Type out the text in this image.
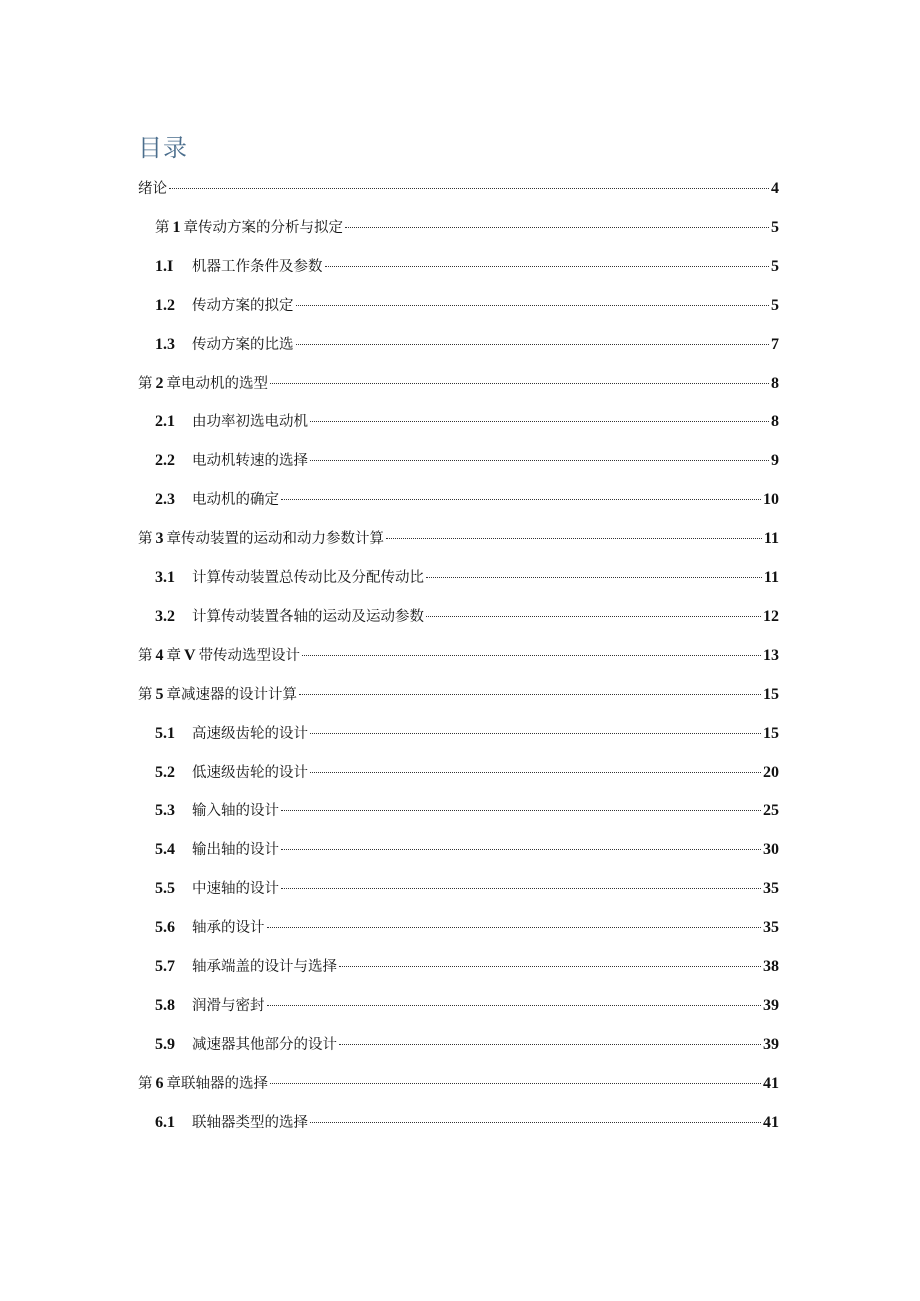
目录
绪论	4
第 1 章传动方案的分析与拟定	5
1.I	机器工作条件及参数	5
1.2	传动方案的拟定	5
1.3	传动方案的比选	7
第 2 章电动机的选型	8
2.1	由功率初选电动机	8
2.2	电动机转速的选择	9
2.3	电动机的确定	10
第 3 章传动装置的运动和动力参数计算	11
3.1	计算传动装置总传动比及分配传动比	11
3.2	计算传动装置各轴的运动及运动参数	12
第 4 章 V 带传动选型设计	13
第 5 章减速器的设计计算	15
5.1	高速级齿轮的设计	15
5.2	低速级齿轮的设计	20
5.3	输入轴的设计	25
5.4	输出轴的设计	30
5.5	中速轴的设计	35
5.6	轴承的设计	35
5.7	轴承端盖的设计与选择	38
5.8	润滑与密封	39
5.9	减速器其他部分的设计	39
第 6 章联轴器的选择	41
6.1	联轴器类型的选择	41
